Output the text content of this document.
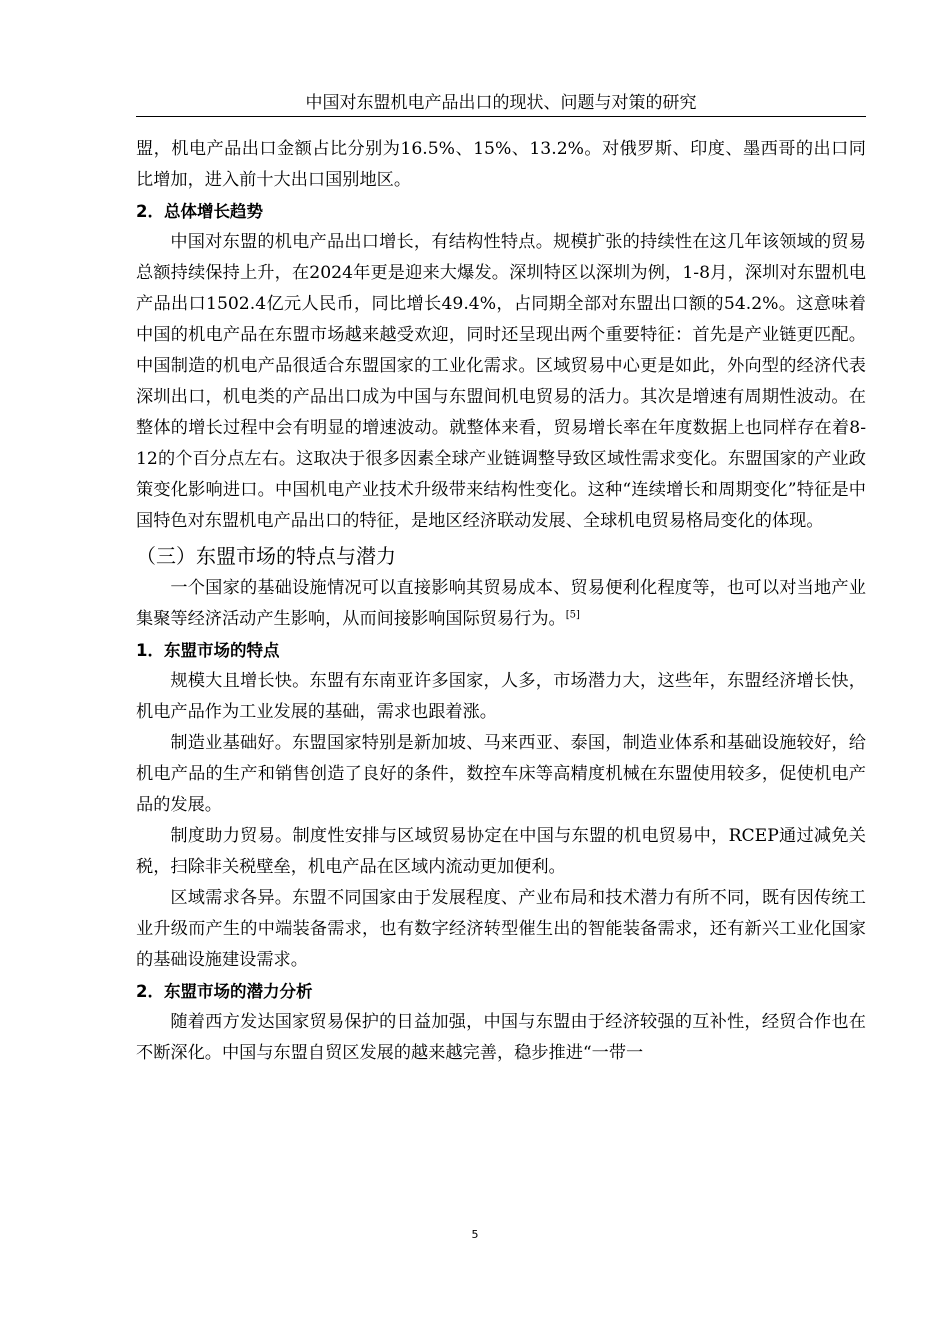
中国对东盟机电产品出口的现状、问题与对策的研究

盟，机电产品出口金额占比分别为16.5%、15%、13.2%。对俄罗斯、印度、墨西哥的出口同比增加，进入前十大出口国别地区。

2．总体增长趋势

中国对东盟的机电产品出口增长，有结构性特点。规模扩张的持续性在这几年该领域的贸易总额持续保持上升，在2024年更是迎来大爆发。深圳特区以深圳为例，1-8月，深圳对东盟机电产品出口1502.4亿元人民币，同比增长49.4%，占同期全部对东盟出口额的54.2%。这意味着中国的机电产品在东盟市场越来越受欢迎，同时还呈现出两个重要特征：首先是产业链更匹配。中国制造的机电产品很适合东盟国家的工业化需求。区域贸易中心更是如此，外向型的经济代表深圳出口，机电类的产品出口成为中国与东盟间机电贸易的活力。其次是增速有周期性波动。在整体的增长过程中会有明显的增速波动。就整体来看，贸易增长率在年度数据上也同样存在着8-12的个百分点左右。这取决于很多因素全球产业链调整导致区域性需求变化。东盟国家的产业政策变化影响进口。中国机电产业技术升级带来结构性变化。这种“连续增长和周期变化”特征是中国特色对东盟机电产品出口的特征，是地区经济联动发展、全球机电贸易格局变化的体现。

（三）东盟市场的特点与潜力

一个国家的基础设施情况可以直接影响其贸易成本、贸易便利化程度等，也可以对当地产业集聚等经济活动产生影响，从而间接影响国际贸易行为。[5]

1．东盟市场的特点

规模大且增长快。东盟有东南亚许多国家，人多，市场潜力大，这些年，东盟经济增长快，机电产品作为工业发展的基础，需求也跟着涨。

制造业基础好。东盟国家特别是新加坡、马来西亚、泰国，制造业体系和基础设施较好，给机电产品的生产和销售创造了良好的条件，数控车床等高精度机械在东盟使用较多，促使机电产品的发展。

制度助力贸易。制度性安排与区域贸易协定在中国与东盟的机电贸易中，RCEP通过减免关税，扫除非关税壁垒，机电产品在区域内流动更加便利。

区域需求各异。东盟不同国家由于发展程度、产业布局和技术潜力有所不同，既有因传统工业升级而产生的中端装备需求，也有数字经济转型催生出的智能装备需求，还有新兴工业化国家的基础设施建设需求。

2．东盟市场的潜力分析

随着西方发达国家贸易保护的日益加强，中国与东盟由于经济较强的互补性，经贸合作也在不断深化。中国与东盟自贸区发展的越来越完善，稳步推进“一带一

5
